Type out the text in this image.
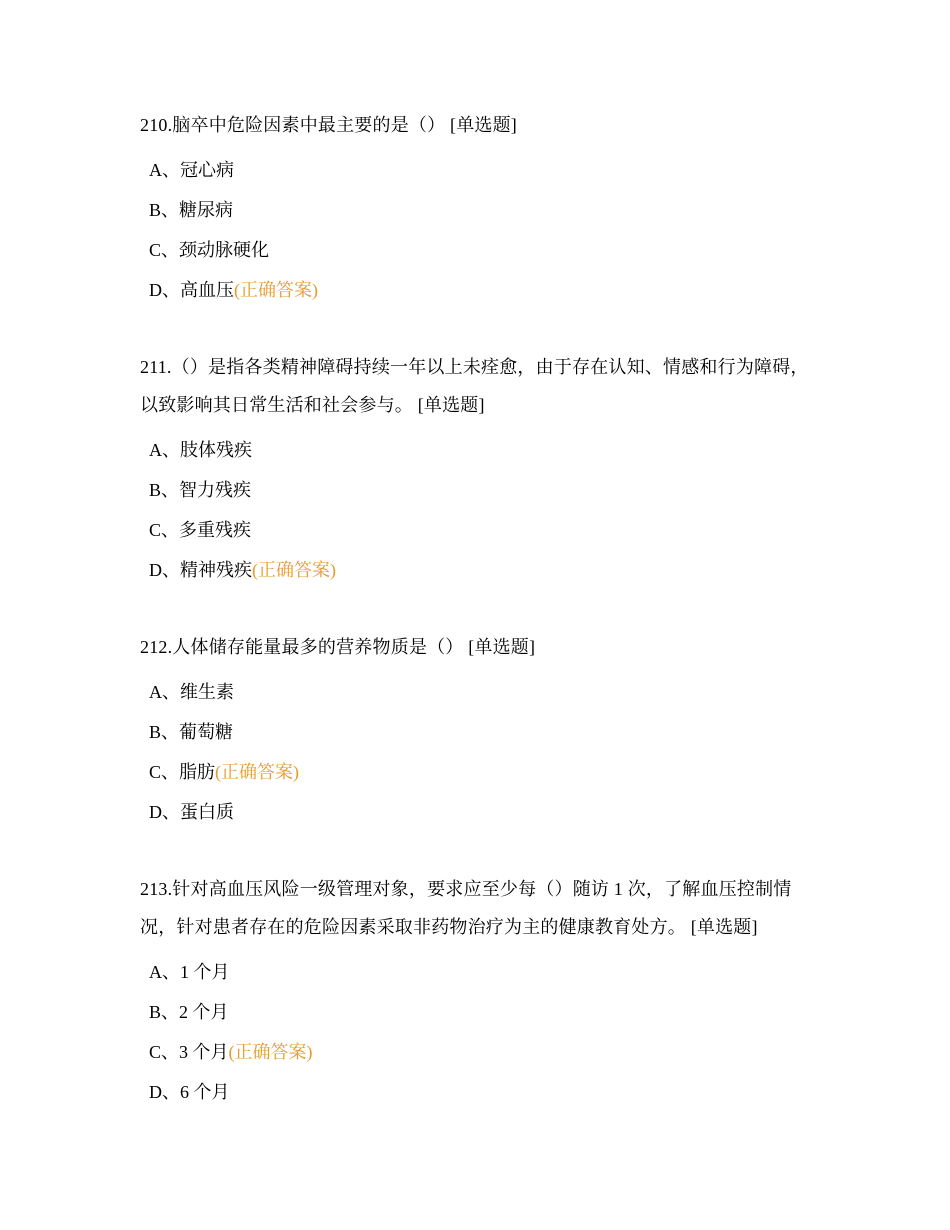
210.脑卒中危险因素中最主要的是（） [单选题]

A、冠心病
B、糖尿病
C、颈动脉硬化
D、高血压(正确答案)

211.（）是指各类精神障碍持续一年以上未痊愈，由于存在认知、情感和行为障碍，以致影响其日常生活和社会参与。 [单选题]

A、肢体残疾
B、智力残疾
C、多重残疾
D、精神残疾(正确答案)

212.人体储存能量最多的营养物质是（） [单选题]

A、维生素
B、葡萄糖
C、脂肪(正确答案)
D、蛋白质

213.针对高血压风险一级管理对象，要求应至少每（）随访 1 次，了解血压控制情况，针对患者存在的危险因素采取非药物治疗为主的健康教育处方。 [单选题]

A、1 个月
B、2 个月
C、3 个月(正确答案)
D、6 个月
